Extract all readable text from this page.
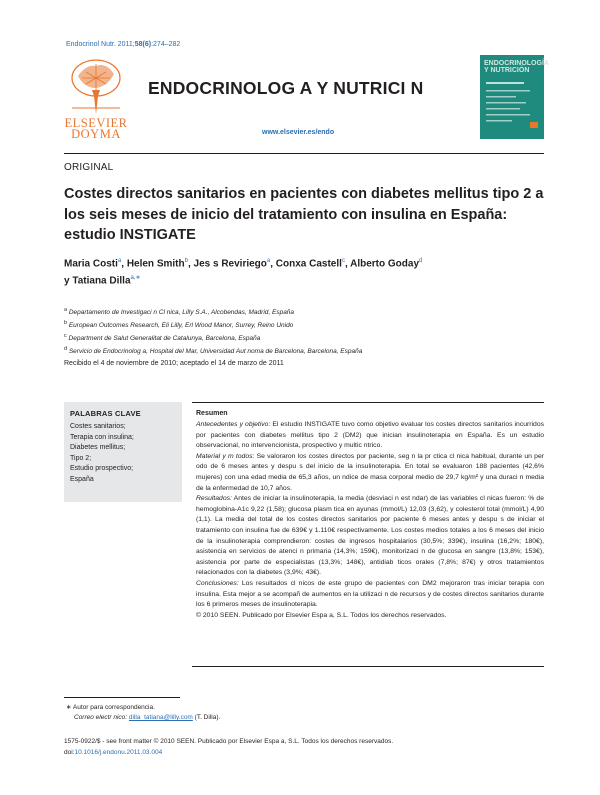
Endocrinol Nutr. 2011;58(6):274–282
ELSEVIER DOYMA
ENDOCRINOLOG A Y NUTRICI N
www.elsevier.es/endo
ENDOCRINOLOGÍA Y NUTRICIÓN
ORIGINAL
Costes directos sanitarios en pacientes con diabetes mellitus tipo 2 a los seis meses de inicio del tratamiento con insulina en España: estudio INSTIGATE
Maria Costi$^a$, Helen Smith$^b$, Jes s Reviriego$^a$, Conxa Castell$^c$, Alberto Goday$^d$
y Tatiana Dilla$^{a,∗}$
$^a$ Departamento de Investigaci n Cl nica, Lilly S.A., Alcobendas, Madrid, España
$^b$ European Outcomes Research, Eli Lilly, Erl Wood Manor, Surrey, Reino Unido
$^c$ Department de Salut Generalitat de Catalunya, Barcelona, España
$^d$ Servicio de Endocrinolog a, Hospital del Mar, Universidad Aut noma de Barcelona, Barcelona, España
Recibido el 4 de noviembre de 2010; aceptado el 14 de marzo de 2011
PALABRAS CLAVE
Costes sanitarios;
Terapia con insulina;
Diabetes mellitus;
Tipo 2;
Estudio prospectivo;
España
Resumen
Antecedentes y objetivo: El estudio INSTIGATE tuvo como objetivo evaluar los costes directos sanitarios incurridos por pacientes con diabetes mellitus tipo 2 (DM2) que inician insulinoterapia en España. Es un estudio observacional, no intervencionista, prospectivo y multic ntrico.
Material y m todos: Se valoraron los costes directos por paciente, seg n la pr ctica cl nica habitual, durante un per odo de 6 meses antes y despu s del inicio de la insulinoterapia. En total se evaluaron 188 pacientes (42,6% mujeres) con una edad media de 65,3 años, un ndice de masa corporal medio de 29,7 kg/m² y una duraci n media de la enfermedad de 10,7 años.
Resultados: Antes de iniciar la insulinoterapia, la media (desviaci n est ndar) de las variables cl nicas fueron: % de hemoglobina-A1c 9,22 (1,58); glucosa plasm tica en ayunas (mmol/L) 12,03 (3,62), y colesterol total (mmol/L) 4,90 (1,1). La media del total de los costes directos sanitarios por paciente 6 meses antes y despu s de iniciar el tratamiento con insulina fue de 639€ y 1.110€ respectivamente. Los costes medios totales a los 6 meses del inicio de la insulinoterapia comprendieron: costes de ingresos hospitalarios (30,5%; 339€), insulina (16,2%; 180€), asistencia en servicios de atenci n primaria (14,3%; 159€), monitorizaci n de glucosa en sangre (13,8%; 153€), asistencia por parte de especialistas (13,3%; 148€), antidiab ticos orales (7,8%; 87€) y otros tratamientos relacionados con la diabetes (3,9%; 43€).
Conclusiones: Los resultados cl nicos de este grupo de pacientes con DM2 mejoraron tras iniciar terapia con insulina. Esta mejor a se acompañ de aumentos en la utilizaci n de recursos y de costes directos sanitarios durante los 6 primeros meses de insulinoterapia.
© 2010 SEEN. Publicado por Elsevier Espa a, S.L. Todos los derechos reservados.
∗ Autor para correspondencia.
Correo electr nico: dilla_tatiana@lilly.com (T. Dilla).
1575-0922/$ - see front matter © 2010 SEEN. Publicado por Elsevier Espa a, S.L. Todos los derechos reservados.
doi:10.1016/j.endonu.2011.03.004
